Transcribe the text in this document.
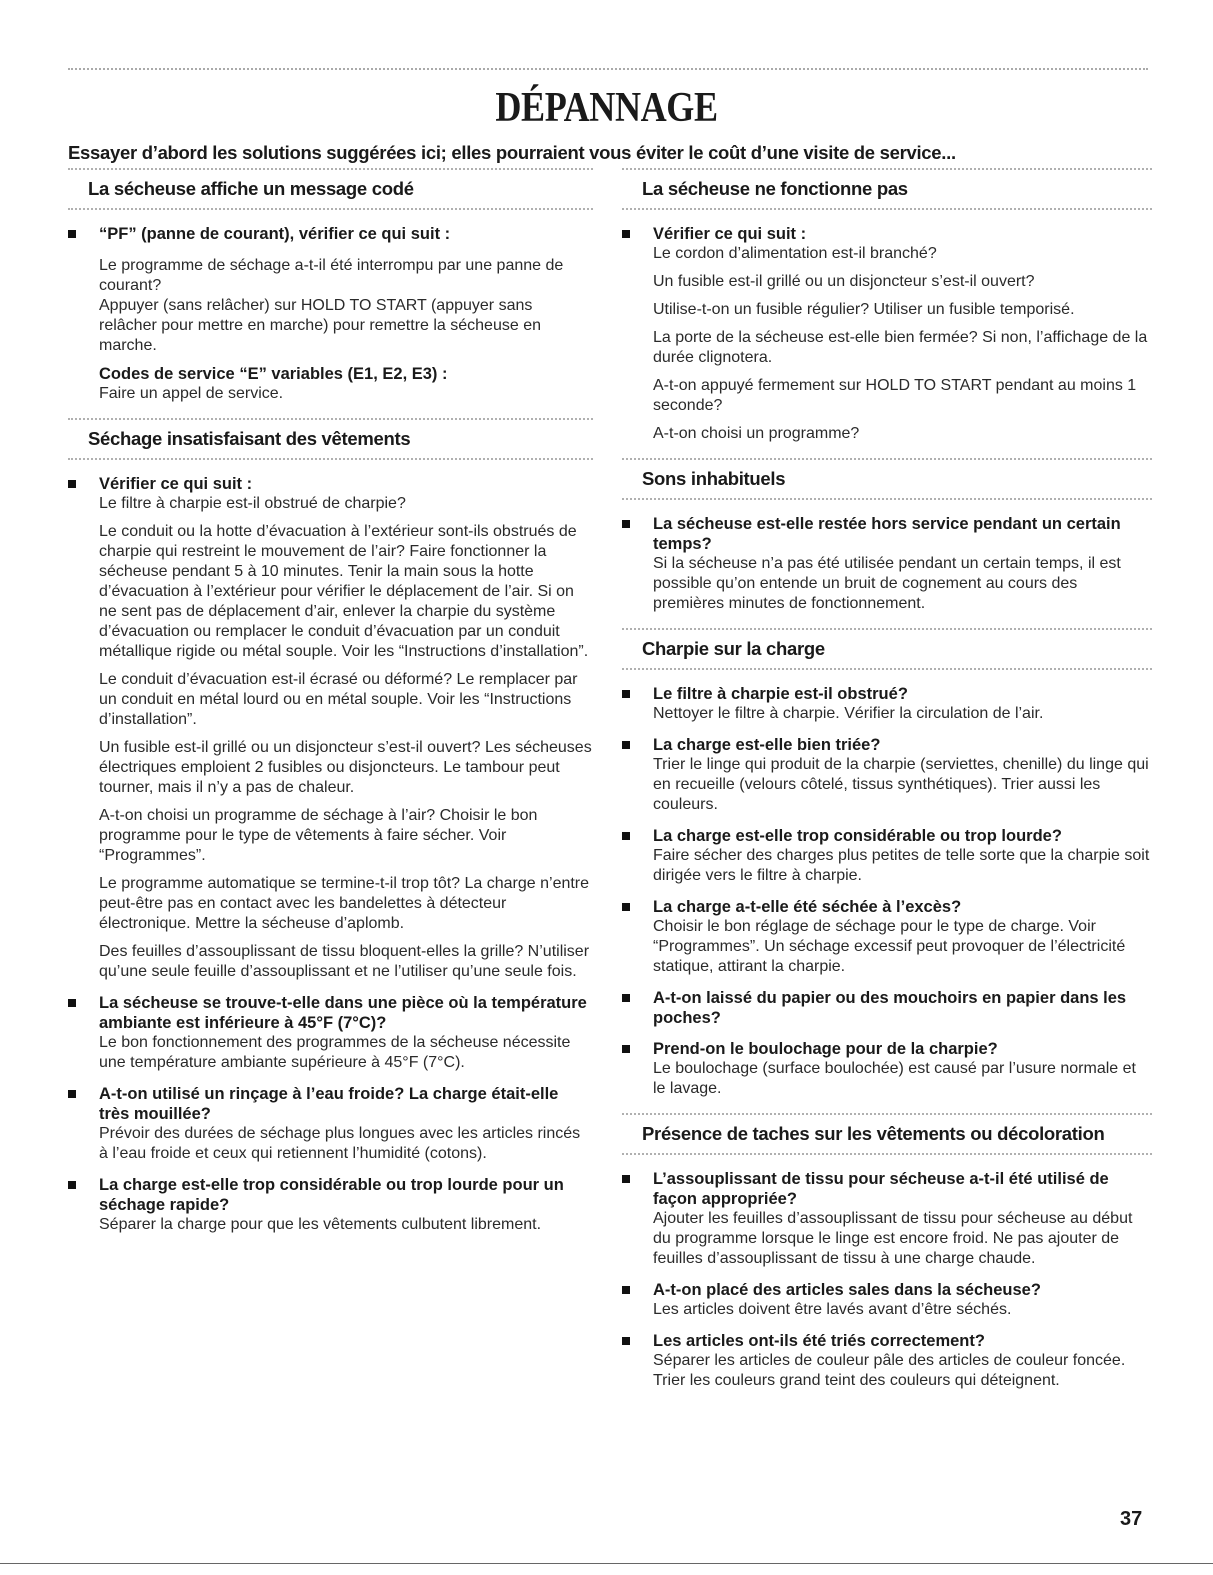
DÉPANNAGE
Essayer d’abord les solutions suggérées ici; elles pourraient vous éviter le coût d’une visite de service...
La sécheuse affiche un message codé
“PF” (panne de courant), vérifier ce qui suit :
Le programme de séchage a-t-il été interrompu par une panne de courant?
Appuyer (sans relâcher) sur HOLD TO START (appuyer sans relâcher pour mettre en marche) pour remettre la sécheuse en marche.
Codes de service “E” variables (E1, E2, E3) :
Faire un appel de service.
Séchage insatisfaisant des vêtements
Vérifier ce qui suit :
Le filtre à charpie est-il obstrué de charpie?
Le conduit ou la hotte d’évacuation à l’extérieur sont-ils obstrués de charpie qui restreint le mouvement de l’air? Faire fonctionner la sécheuse pendant 5 à 10 minutes. Tenir la main sous la hotte d’évacuation à l’extérieur pour vérifier le déplacement de l’air. Si on ne sent pas de déplacement d’air, enlever la charpie du système d’évacuation ou remplacer le conduit d’évacuation par un conduit métallique rigide ou métal souple. Voir les “Instructions d’installation”.
Le conduit d’évacuation est-il écrasé ou déformé? Le remplacer par un conduit en métal lourd ou en métal souple. Voir les “Instructions d’installation”.
Un fusible est-il grillé ou un disjoncteur s’est-il ouvert? Les sécheuses électriques emploient 2 fusibles ou disjoncteurs. Le tambour peut tourner, mais il n’y a pas de chaleur.
A-t-on choisi un programme de séchage à l’air? Choisir le bon programme pour le type de vêtements à faire sécher. Voir “Programmes”.
Le programme automatique se termine-t-il trop tôt? La charge n’entre peut-être pas en contact avec les bandelettes à détecteur électronique. Mettre la sécheuse d’aplomb.
Des feuilles d’assouplissant de tissu bloquent-elles la grille? N’utiliser qu’une seule feuille d’assouplissant et ne l’utiliser qu’une seule fois.
La sécheuse se trouve-t-elle dans une pièce où la température ambiante est inférieure à 45°F (7°C)?
Le bon fonctionnement des programmes de la sécheuse nécessite une température ambiante supérieure à 45°F (7°C).
A-t-on utilisé un rinçage à l’eau froide? La charge était-elle très mouillée?
Prévoir des durées de séchage plus longues avec les articles rincés à l’eau froide et ceux qui retiennent l’humidité (cotons).
La charge est-elle trop considérable ou trop lourde pour un séchage rapide?
Séparer la charge pour que les vêtements culbutent librement.
La sécheuse ne fonctionne pas
Vérifier ce qui suit :
Le cordon d’alimentation est-il branché?
Un fusible est-il grillé ou un disjoncteur s’est-il ouvert?
Utilise-t-on un fusible régulier? Utiliser un fusible temporisé.
La porte de la sécheuse est-elle bien fermée? Si non, l’affichage de la durée clignotera.
A-t-on appuyé fermement sur HOLD TO START pendant au moins 1 seconde?
A-t-on choisi un programme?
Sons inhabituels
La sécheuse est-elle restée hors service pendant un certain temps?
Si la sécheuse n’a pas été utilisée pendant un certain temps, il est possible qu’on entende un bruit de cognement au cours des premières minutes de fonctionnement.
Charpie sur la charge
Le filtre à charpie est-il obstrué?
Nettoyer le filtre à charpie. Vérifier la circulation de l’air.
La charge est-elle bien triée?
Trier le linge qui produit de la charpie (serviettes, chenille) du linge qui en recueille (velours côtelé, tissus synthétiques). Trier aussi les couleurs.
La charge est-elle trop considérable ou trop lourde?
Faire sécher des charges plus petites de telle sorte que la charpie soit dirigée vers le filtre à charpie.
La charge a-t-elle été séchée à l’excès?
Choisir le bon réglage de séchage pour le type de charge. Voir “Programmes”. Un séchage excessif peut provoquer de l’électricité statique, attirant la charpie.
A-t-on laissé du papier ou des mouchoirs en papier dans les poches?
Prend-on le boulochage pour de la charpie?
Le boulochage (surface boulochée) est causé par l’usure normale et le lavage.
Présence de taches sur les vêtements ou décoloration
L’assouplissant de tissu pour sécheuse a-t-il été utilisé de façon appropriée?
Ajouter les feuilles d’assouplissant de tissu pour sécheuse au début du programme lorsque le linge est encore froid. Ne pas ajouter de feuilles d’assouplissant de tissu à une charge chaude.
A-t-on placé des articles sales dans la sécheuse?
Les articles doivent être lavés avant d’être séchés.
Les articles ont-ils été triés correctement?
Séparer les articles de couleur pâle des articles de couleur foncée. Trier les couleurs grand teint des couleurs qui déteignent.
37
